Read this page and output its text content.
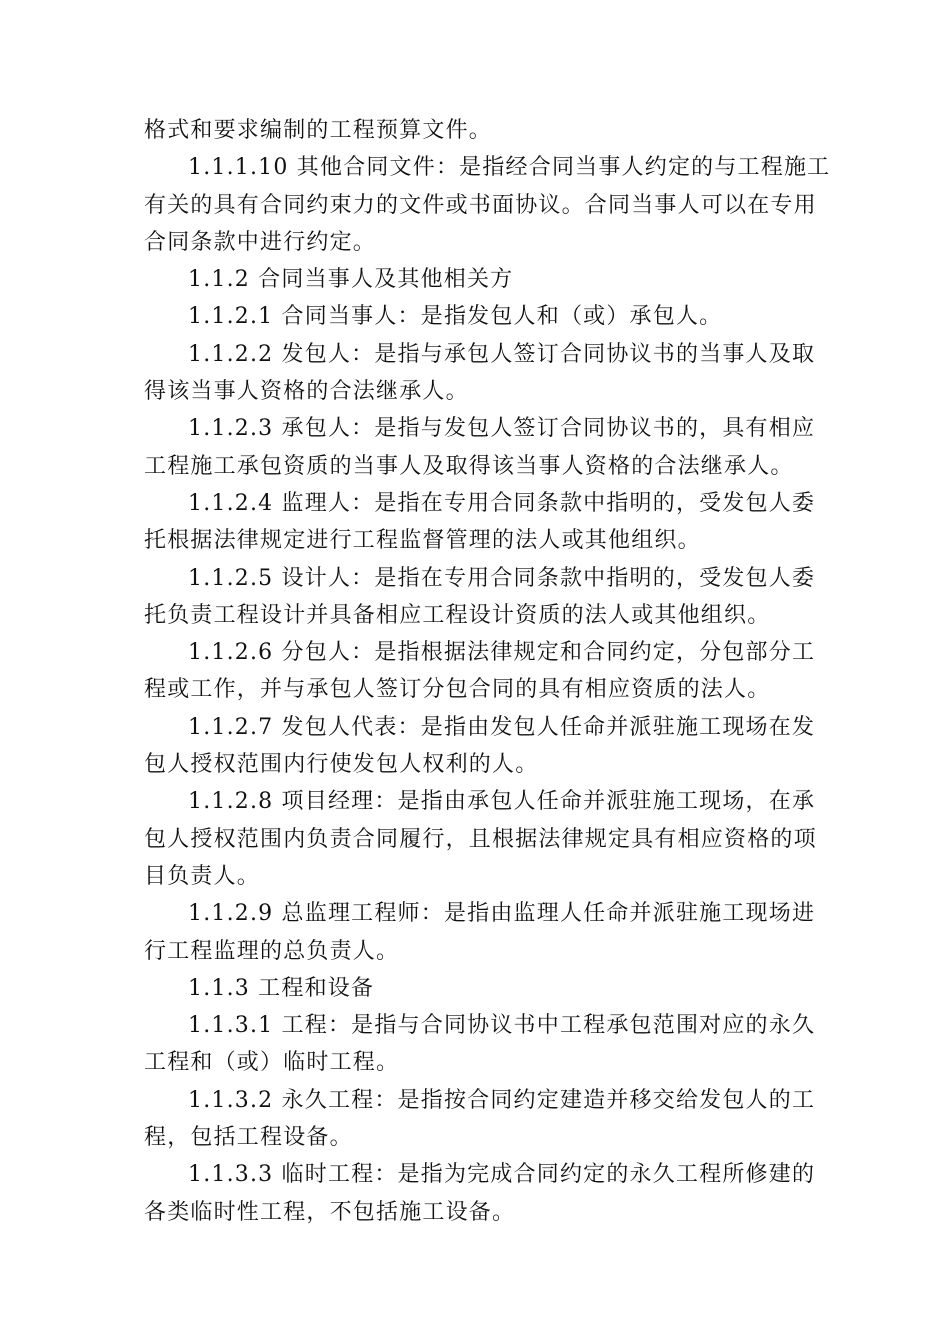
格式和要求编制的工程预算文件。
1.1.1.10 其他合同文件：是指经合同当事人约定的与工程施工
有关的具有合同约束力的文件或书面协议。合同当事人可以在专用
合同条款中进行约定。
1.1.2 合同当事人及其他相关方
1.1.2.1 合同当事人：是指发包人和（或）承包人。
1.1.2.2 发包人：是指与承包人签订合同协议书的当事人及取
得该当事人资格的合法继承人。
1.1.2.3 承包人：是指与发包人签订合同协议书的，具有相应
工程施工承包资质的当事人及取得该当事人资格的合法继承人。
1.1.2.4 监理人：是指在专用合同条款中指明的，受发包人委
托根据法律规定进行工程监督管理的法人或其他组织。
1.1.2.5 设计人：是指在专用合同条款中指明的，受发包人委
托负责工程设计并具备相应工程设计资质的法人或其他组织。
1.1.2.6 分包人：是指根据法律规定和合同约定，分包部分工
程或工作，并与承包人签订分包合同的具有相应资质的法人。
1.1.2.7 发包人代表：是指由发包人任命并派驻施工现场在发
包人授权范围内行使发包人权利的人。
1.1.2.8 项目经理：是指由承包人任命并派驻施工现场，在承
包人授权范围内负责合同履行，且根据法律规定具有相应资格的项
目负责人。
1.1.2.9 总监理工程师：是指由监理人任命并派驻施工现场进
行工程监理的总负责人。
1.1.3 工程和设备
1.1.3.1 工程：是指与合同协议书中工程承包范围对应的永久
工程和（或）临时工程。
1.1.3.2 永久工程：是指按合同约定建造并移交给发包人的工
程，包括工程设备。
1.1.3.3 临时工程：是指为完成合同约定的永久工程所修建的
各类临时性工程，不包括施工设备。
